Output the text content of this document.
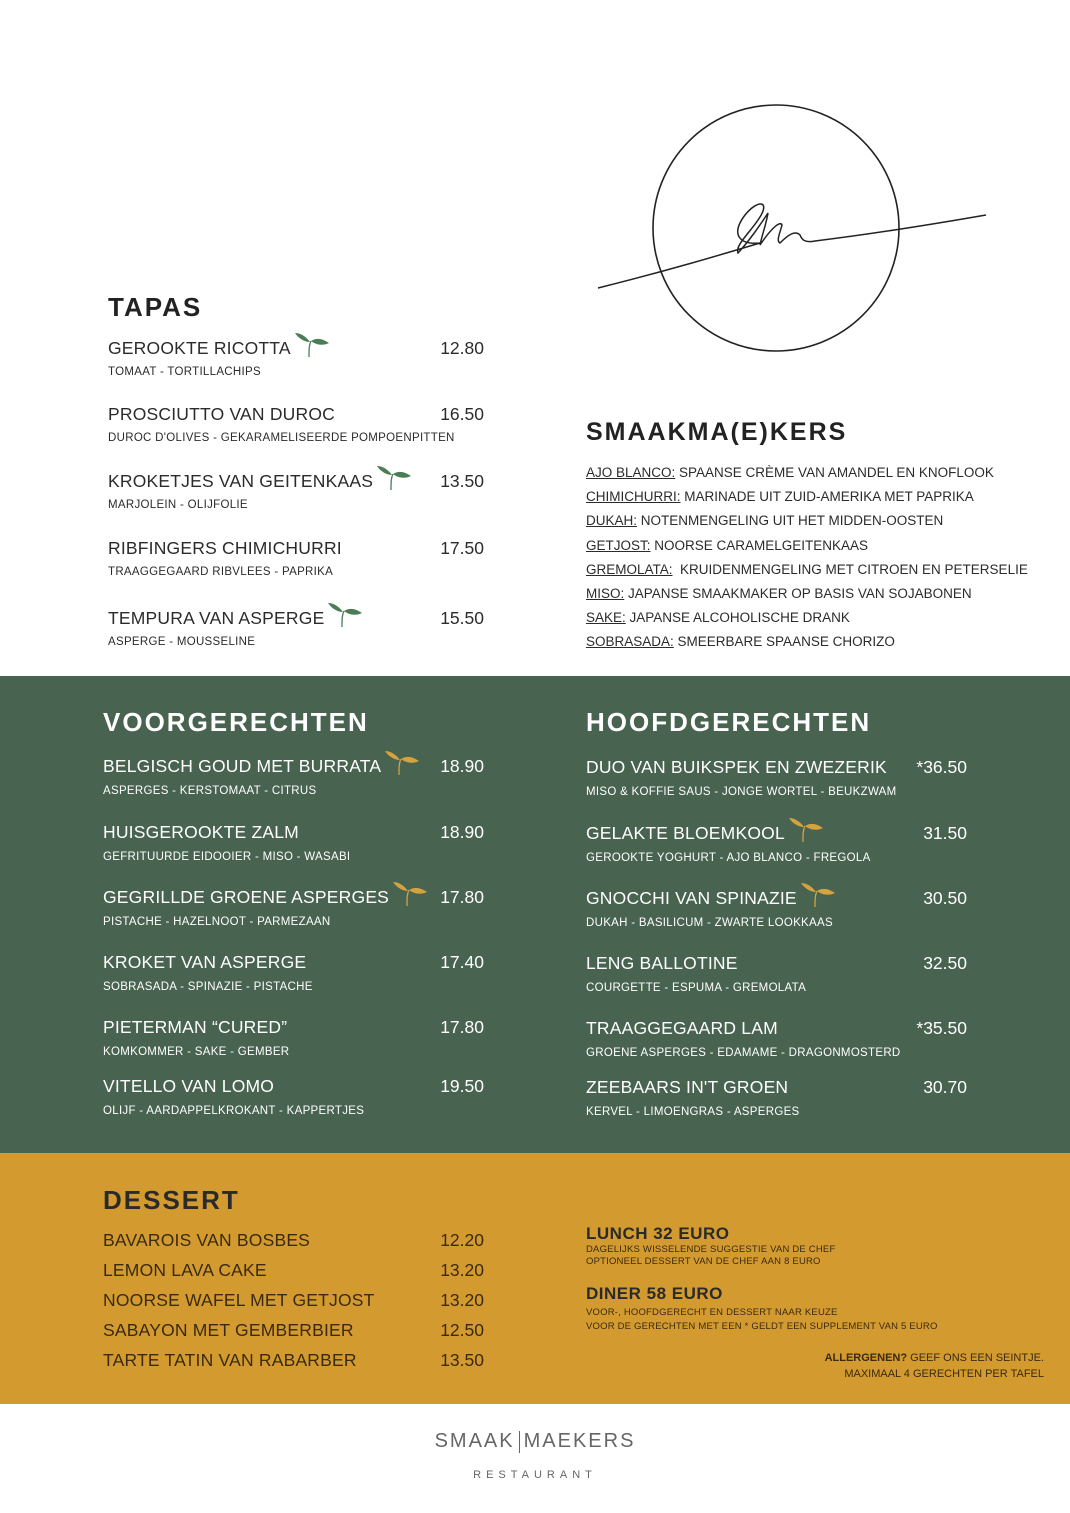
TAPAS
GEROOKTE RICOTTA
TOMAAT - TORTILLACHIPS
12.80
PROSCIUTTO VAN DUROC
DUROC D'OLIVES - GEKARAMELISEERDE POMPOENPITTEN
16.50
KROKETJES VAN GEITENKAAS
MARJOLEIN - OLIJFOLIE
13.50
RIBFINGERS CHIMICHURRI
TRAAGGEGAARD RIBVLEES - PAPRIKA
17.50
TEMPURA VAN ASPERGE
ASPERGE - MOUSSELINE
15.50
SMAAKMA(E)KERS
AJO BLANCO: SPAANSE CRÈME VAN AMANDEL EN KNOFLOOK
CHIMICHURRI: MARINADE UIT ZUID-AMERIKA MET PAPRIKA
DUKAH: NOTENMENGELING UIT HET MIDDEN-OOSTEN
GETJOST: NOORSE CARAMELGEITENKAAS
GREMOLATA:  KRUIDENMENGELING MET CITROEN EN PETERSELIE
MISO: JAPANSE SMAAKMAKER OP BASIS VAN SOJABONEN
SAKE: JAPANSE ALCOHOLISCHE DRANK
SOBRASADA: SMEERBARE SPAANSE CHORIZO
VOORGERECHTEN	HOOFDGERECHTEN
BELGISCH GOUD MET BURRATA
ASPERGES - KERSTOMAAT - CITRUS
18.90
HUISGEROOKTE ZALM
GEFRITUURDE EIDOOIER - MISO - WASABI
18.90
GEGRILLDE GROENE ASPERGES
PISTACHE - HAZELNOOT - PARMEZAAN
17.80
KROKET VAN ASPERGE
SOBRASADA - SPINAZIE - PISTACHE
17.40
PIETERMAN “CURED”
KOMKOMMER - SAKE - GEMBER
17.80
VITELLO VAN LOMO
OLIJF - AARDAPPELKROKANT - KAPPERTJES
19.50
DUO VAN BUIKSPEK EN ZWEZERIK
MISO & KOFFIE SAUS - JONGE WORTEL - BEUKZWAM
*36.50
GELAKTE BLOEMKOOL
GEROOKTE YOGHURT - AJO BLANCO - FREGOLA
31.50
GNOCCHI VAN SPINAZIE
DUKAH - BASILICUM - ZWARTE LOOKKAAS
30.50
LENG BALLOTINE
COURGETTE - ESPUMA - GREMOLATA
32.50
TRAAGGEGAARD LAM
GROENE ASPERGES - EDAMAME - DRAGONMOSTERD
*35.50
ZEEBAARS IN'T GROEN
KERVEL - LIMOENGRAS - ASPERGES
30.70
DESSERT
BAVAROIS VAN BOSBES	12.20
LEMON LAVA CAKE	13.20
NOORSE WAFEL MET GETJOST	13.20
SABAYON MET GEMBERBIER	12.50
TARTE TATIN VAN RABARBER	13.50
LUNCH 32 EURO
DAGELIJKS WISSELENDE SUGGESTIE VAN DE CHEF
OPTIONEEL DESSERT VAN DE CHEF AAN 8 EURO
DINER 58 EURO
VOOR-, HOOFDGERECHT EN DESSERT NAAR KEUZE
VOOR DE GERECHTEN MET EEN * GELDT EEN SUPPLEMENT VAN 5 EURO
ALLERGENEN? GEEF ONS EEN SEINTJE.
MAXIMAAL 4 GERECHTEN PER TAFEL
SMAAK MAEKERS
RESTAURANT
